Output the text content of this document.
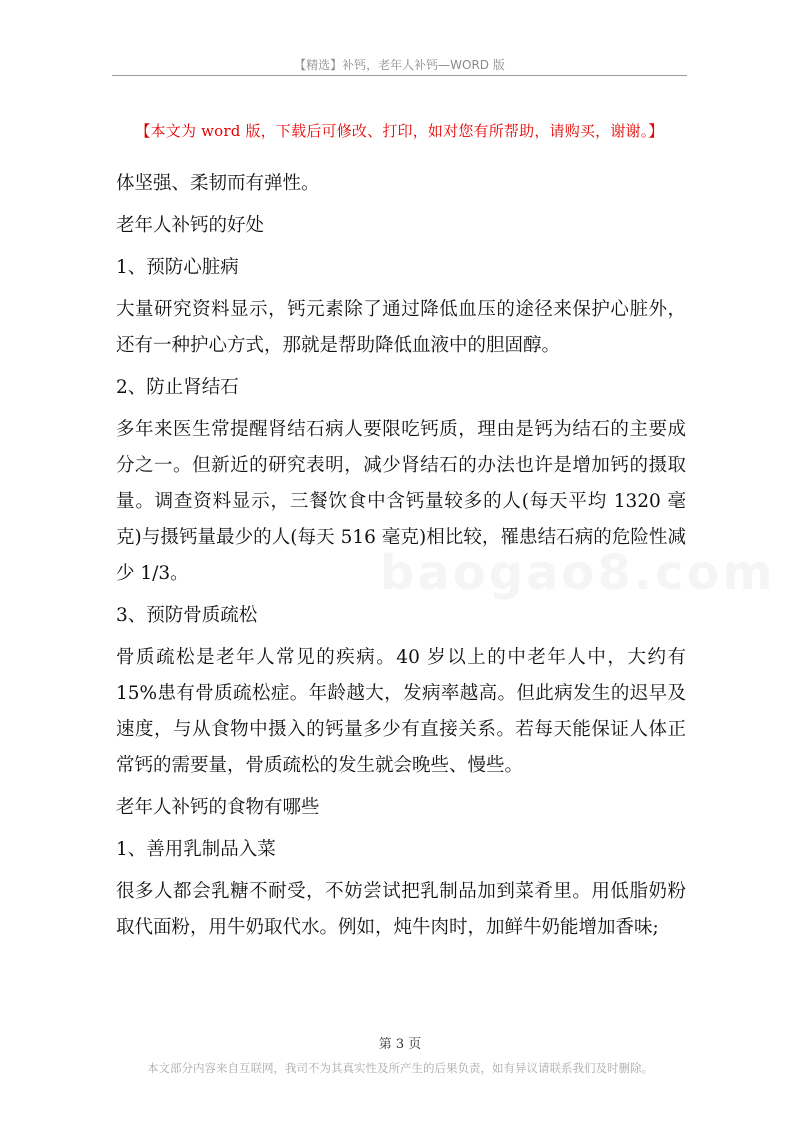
【精选】补钙，老年人补钙—WORD 版
【本文为 word 版，下载后可修改、打印，如对您有所帮助，请购买，谢谢。】
baogao8.com

体坚强、柔韧而有弹性。

老年人补钙的好处

1、预防心脏病

大量研究资料显示，钙元素除了通过降低血压的途径来保护心脏外，还有一种护心方式，那就是帮助降低血液中的胆固醇。

2、防止肾结石

多年来医生常提醒肾结石病人要限吃钙质，理由是钙为结石的主要成分之一。但新近的研究表明，减少肾结石的办法也许是增加钙的摄取量。调查资料显示，三餐饮食中含钙量较多的人(每天平均 1320 毫克)与摄钙量最少的人(每天 516 毫克)相比较，罹患结石病的危险性减少 1/3。

3、预防骨质疏松

骨质疏松是老年人常见的疾病。40 岁以上的中老年人中，大约有 15%患有骨质疏松症。年龄越大，发病率越高。但此病发生的迟早及速度，与从食物中摄入的钙量多少有直接关系。若每天能保证人体正常钙的需要量，骨质疏松的发生就会晚些、慢些。

老年人补钙的食物有哪些

1、善用乳制品入菜

很多人都会乳糖不耐受，不妨尝试把乳制品加到菜肴里。用低脂奶粉取代面粉，用牛奶取代水。例如，炖牛肉时，加鲜牛奶能增加香味;

第 3 页
本文部分内容来自互联网，我司不为其真实性及所产生的后果负责，如有异议请联系我们及时删除。
